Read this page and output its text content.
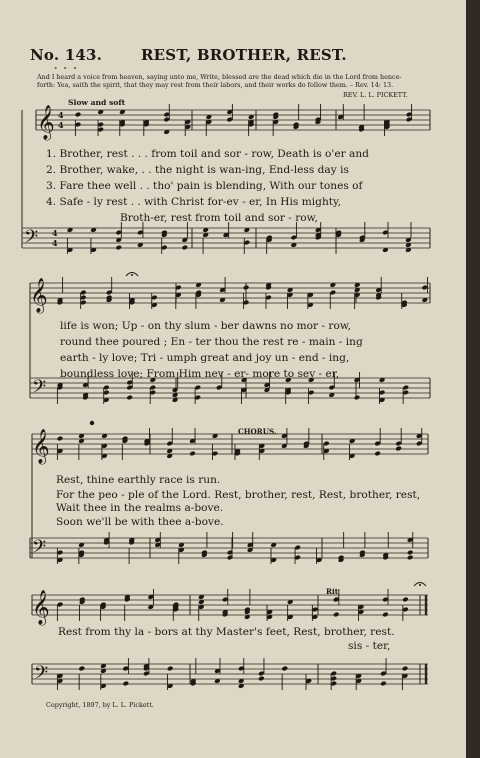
No. 143.	REST, BROTHER, REST.
∘ ∘ ∘
And I heard a voice from heaven, saying unto me, Write, blessed are the dead which die in the Lord from hence-
forth: Yea, saith the spirit, that they may rest from their labors, and their works do follow them. – Rev. 14: 13.
REV. L. L. PICKETT.
Slow and soft
𝄞 4
4
𝄢 4
4
𝄞
𝄢
𝄞
𝄢
𝄞
𝄢
1. Brother, rest . . . from toil and sor - row, Death is o'er and
2. Brother, wake, . . the night is wan-ing, End-less day is
3. Fare thee well . . tho' pain is blending, With our tones of
4. Safe - ly rest . . with Christ for-ev - er, In His mighty,
Broth-er, rest from toil and sor - row,
life is won; Up - on thy slum - ber dawns no mor - row,
round thee poured ; En - ter thou the rest re - main - ing
earth - ly love; Tri - umph great and joy un - end - ing,
boundless love; From Him nev - er- more to sev - er,
CHORUS.
Rest, thine earthly race is run.
For the peo - ple of the Lord. Rest, brother, rest, Rest, brother, rest,
Wait thee in the realms a-bove.
Soon we'll be with thee a-bove.
Rit
Rest from thy la - bors at thy Master's feet, Rest, brother, rest.
sis - ter,
Copyright, 1897, by L. L. Pickett.
